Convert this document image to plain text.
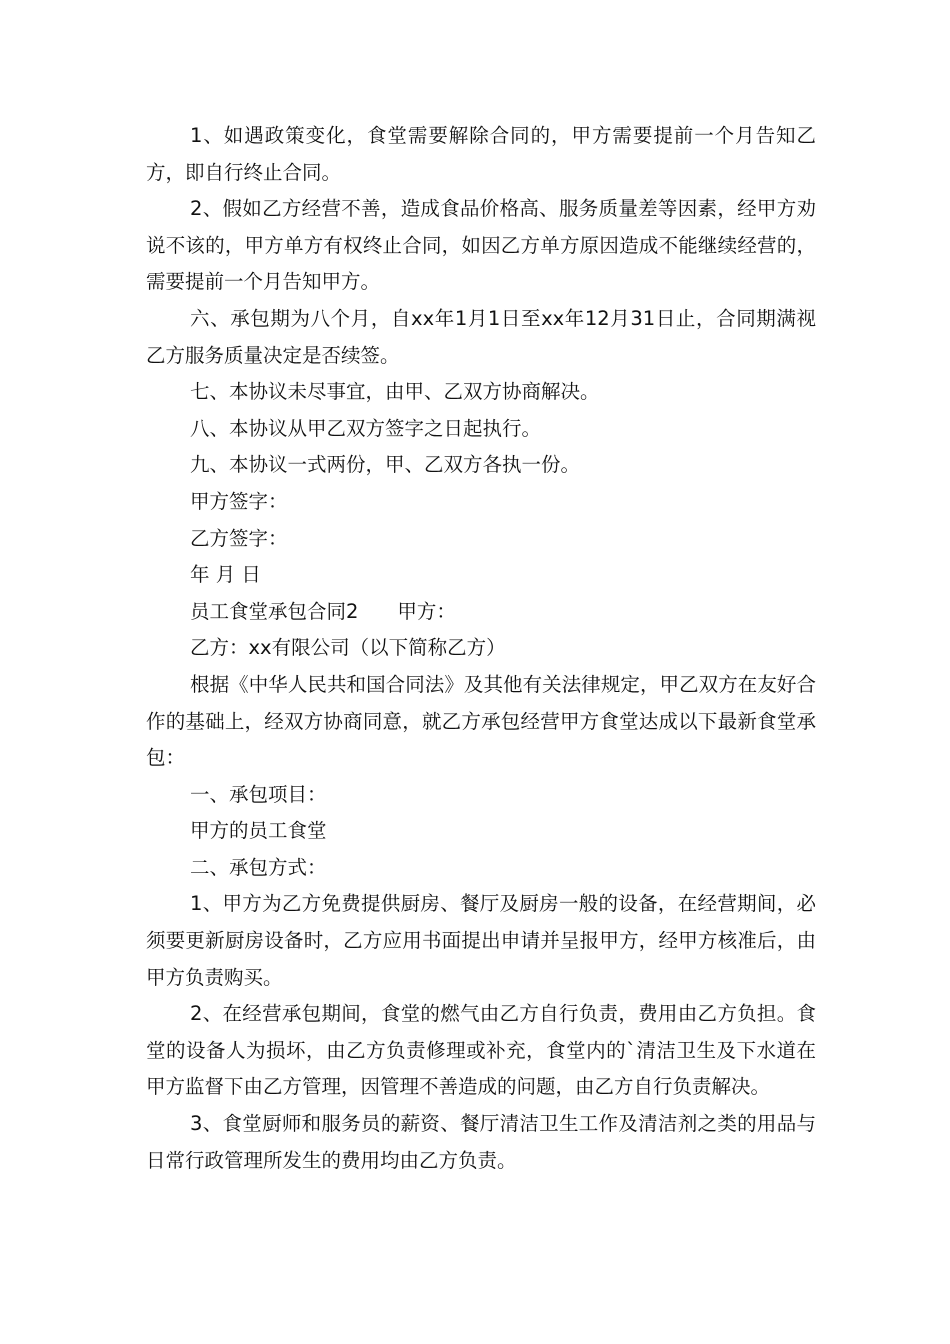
1、如遇政策变化，食堂需要解除合同的，甲方需要提前一个月告知乙方，即自行终止合同。

2、假如乙方经营不善，造成食品价格高、服务质量差等因素，经甲方劝说不该的，甲方单方有权终止合同，如因乙方单方原因造成不能继续经营的，需要提前一个月告知甲方。

六、承包期为八个月，自xx年1月1日至xx年12月31日止，合同期满视乙方服务质量决定是否续签。

七、本协议未尽事宜，由甲、乙双方协商解决。

八、本协议从甲乙双方签字之日起执行。

九、本协议一式两份，甲、乙双方各执一份。

甲方签字：

乙方签字：

年 月 日

员工食堂承包合同2　　甲方：

乙方：xx有限公司（以下简称乙方）

根据《中华人民共和国合同法》及其他有关法律规定，甲乙双方在友好合作的基础上，经双方协商同意，就乙方承包经营甲方食堂达成以下最新食堂承包：

一、承包项目：

甲方的员工食堂

二、承包方式：

1、甲方为乙方免费提供厨房、餐厅及厨房一般的设备，在经营期间，必须要更新厨房设备时，乙方应用书面提出申请并呈报甲方，经甲方核准后，由甲方负责购买。

2、在经营承包期间，食堂的燃气由乙方自行负责，费用由乙方负担。食堂的设备人为损坏，由乙方负责修理或补充，食堂内的`清洁卫生及下水道在甲方监督下由乙方管理，因管理不善造成的问题，由乙方自行负责解决。

3、食堂厨师和服务员的薪资、餐厅清洁卫生工作及清洁剂之类的用品与日常行政管理所发生的费用均由乙方负责。
